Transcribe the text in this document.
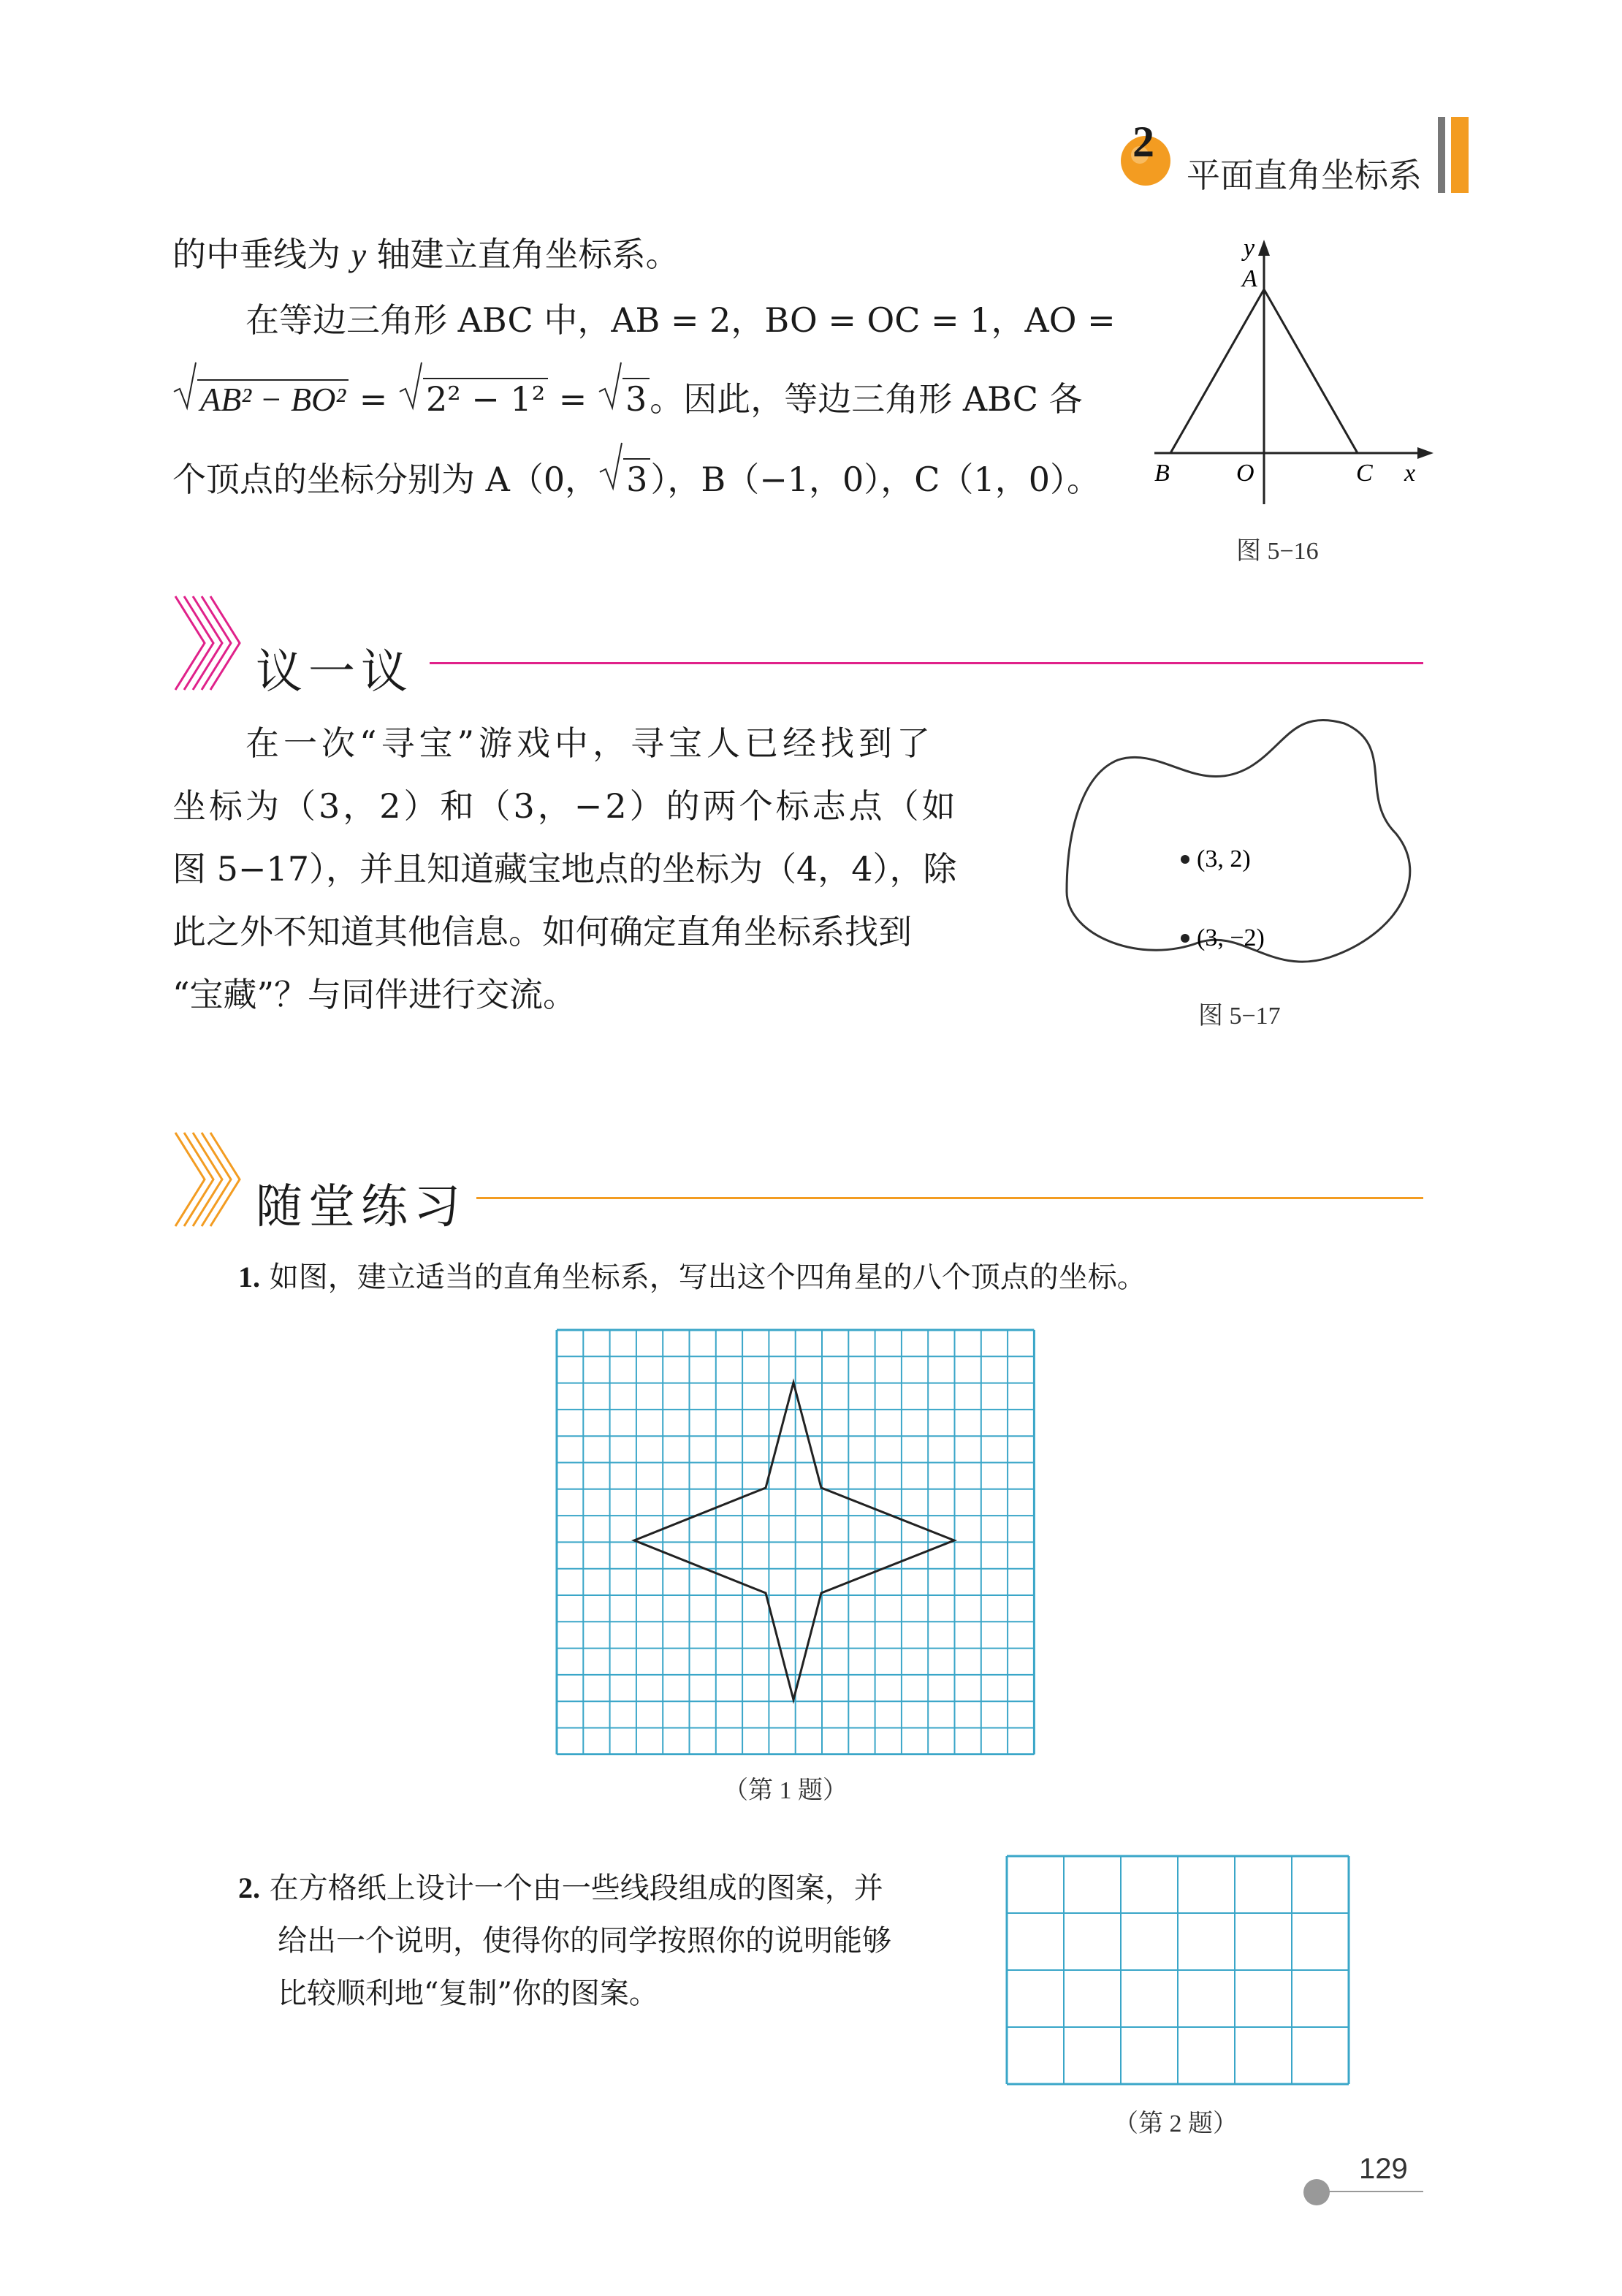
2
平面直角坐标系
的中垂线为 y 轴建立直角坐标系。
在等边三角形 ABC 中，AB = 2，BO = OC = 1，AO =
AB² − BO² =
2² − 1² =
3。因此，等边三角形 ABC 各
个顶点的坐标分别为 A（0， 3），B（−1，0），C（1，0）。
y
A
B	O	C x
图 5−16
议一议
在一次“寻宝”游戏中，寻宝人已经找到了
坐标为（3，2）和（3，−2）的两个标志点（如
图 5−17），并且知道藏宝地点的坐标为（4，4），除
此之外不知道其他信息。如何确定直角坐标系找到
“宝藏”？与同伴进行交流。
(3, 2)
(3, −2)
图 5−17
随堂练习
1. 如图，建立适当的直角坐标系，写出这个四角星的八个顶点的坐标。
（第 1 题）
2. 在方格纸上设计一个由一些线段组成的图案，并
给出一个说明，使得你的同学按照你的说明能够
比较顺利地“复制”你的图案。
（第 2 题）
129
